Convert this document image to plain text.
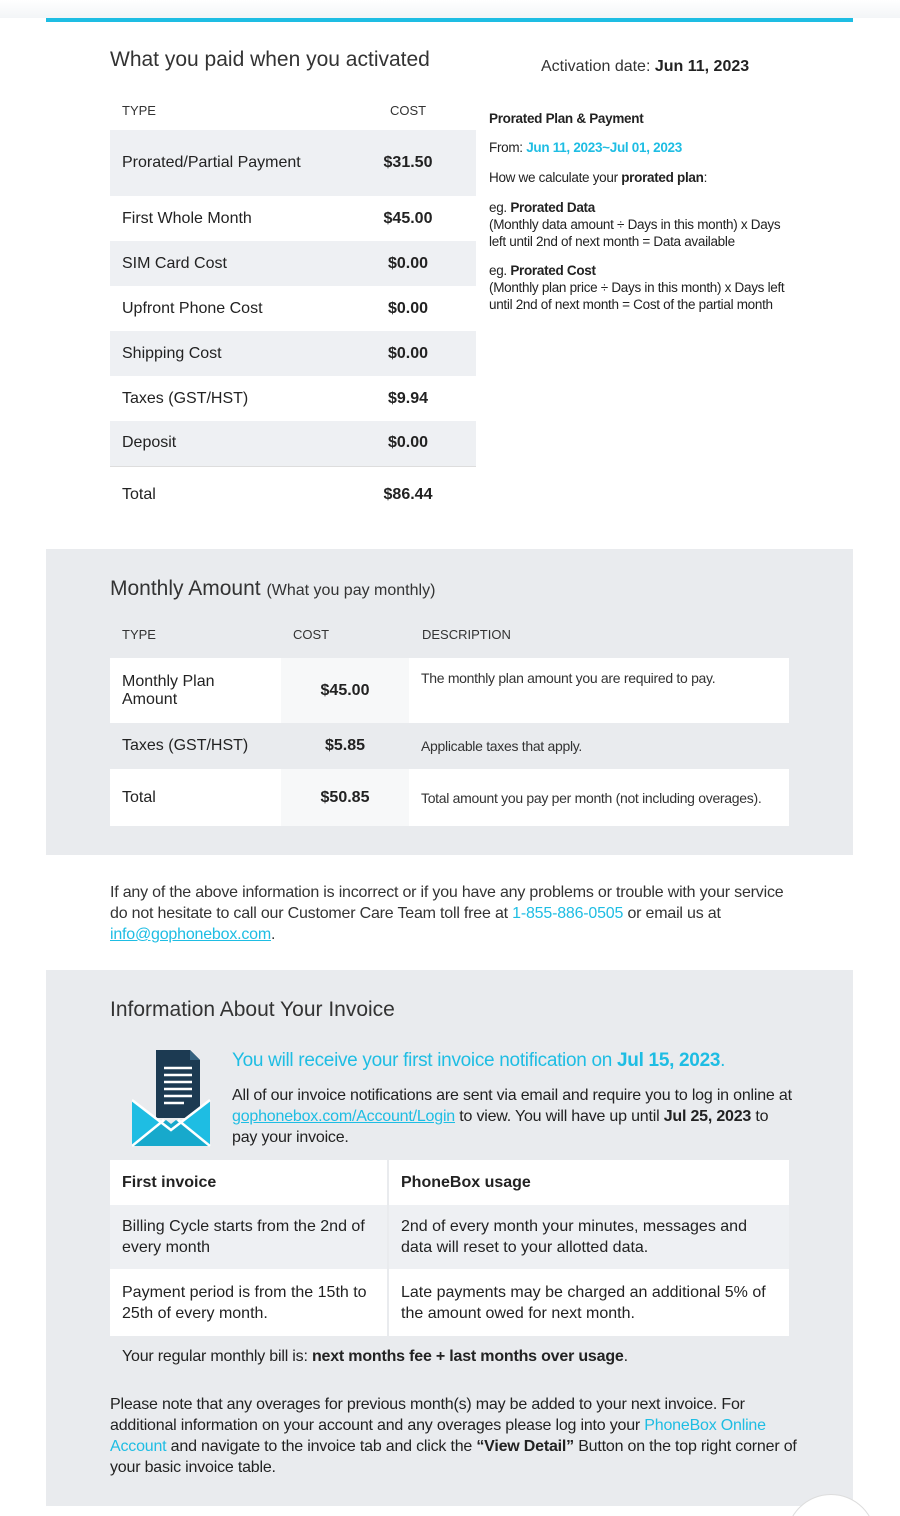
What you paid when you activated	Activation date: Jun 11, 2023
TYPE	COST
Prorated/Partial Payment	$31.50
First Whole Month	$45.00
SIM Card Cost	$0.00
Upfront Phone Cost	$0.00
Shipping Cost	$0.00
Taxes (GST/HST)	$9.94
Deposit	$0.00
Total	$86.44
Prorated Plan & Payment
From: Jun 11, 2023~Jul 01, 2023
How we calculate your prorated plan:
eg. Prorated Data
(Monthly data amount ÷ Days in this month) x Days left until 2nd of next month = Data available
eg. Prorated Cost
(Monthly plan price ÷ Days in this month) x Days left until 2nd of next month = Cost of the partial month
Monthly Amount (What you pay monthly)
TYPE	COST	DESCRIPTION
Monthly Plan Amount	$45.00	The monthly plan amount you are required to pay.
Taxes (GST/HST)	$5.85	Applicable taxes that apply.
Total	$50.85	Total amount you pay per month (not including overages).
If any of the above information is incorrect or if you have any problems or trouble with your service do not hesitate to call our Customer Care Team toll free at 1-855-886-0505 or email us at
info@gophonebox.com.
Information About Your Invoice
You will receive your first invoice notification on Jul 15, 2023.
All of our invoice notifications are sent via email and require you to log in online at gophonebox.com/Account/Login to view. You will have up until Jul 25, 2023 to pay your invoice.
First invoice	PhoneBox usage
Billing Cycle starts from the 2nd of every month	2nd of every month your minutes, messages and data will reset to your allotted data.
Payment period is from the 15th to 25th of every month.	Late payments may be charged an additional 5% of the amount owed for next month.
Your regular monthly bill is: next months fee + last months over usage.
Please note that any overages for previous month(s) may be added to your next invoice. For additional information on your account and any overages please log into your PhoneBox Online Account and navigate to the invoice tab and click the “View Detail” Button on the top right corner of your basic invoice table.
